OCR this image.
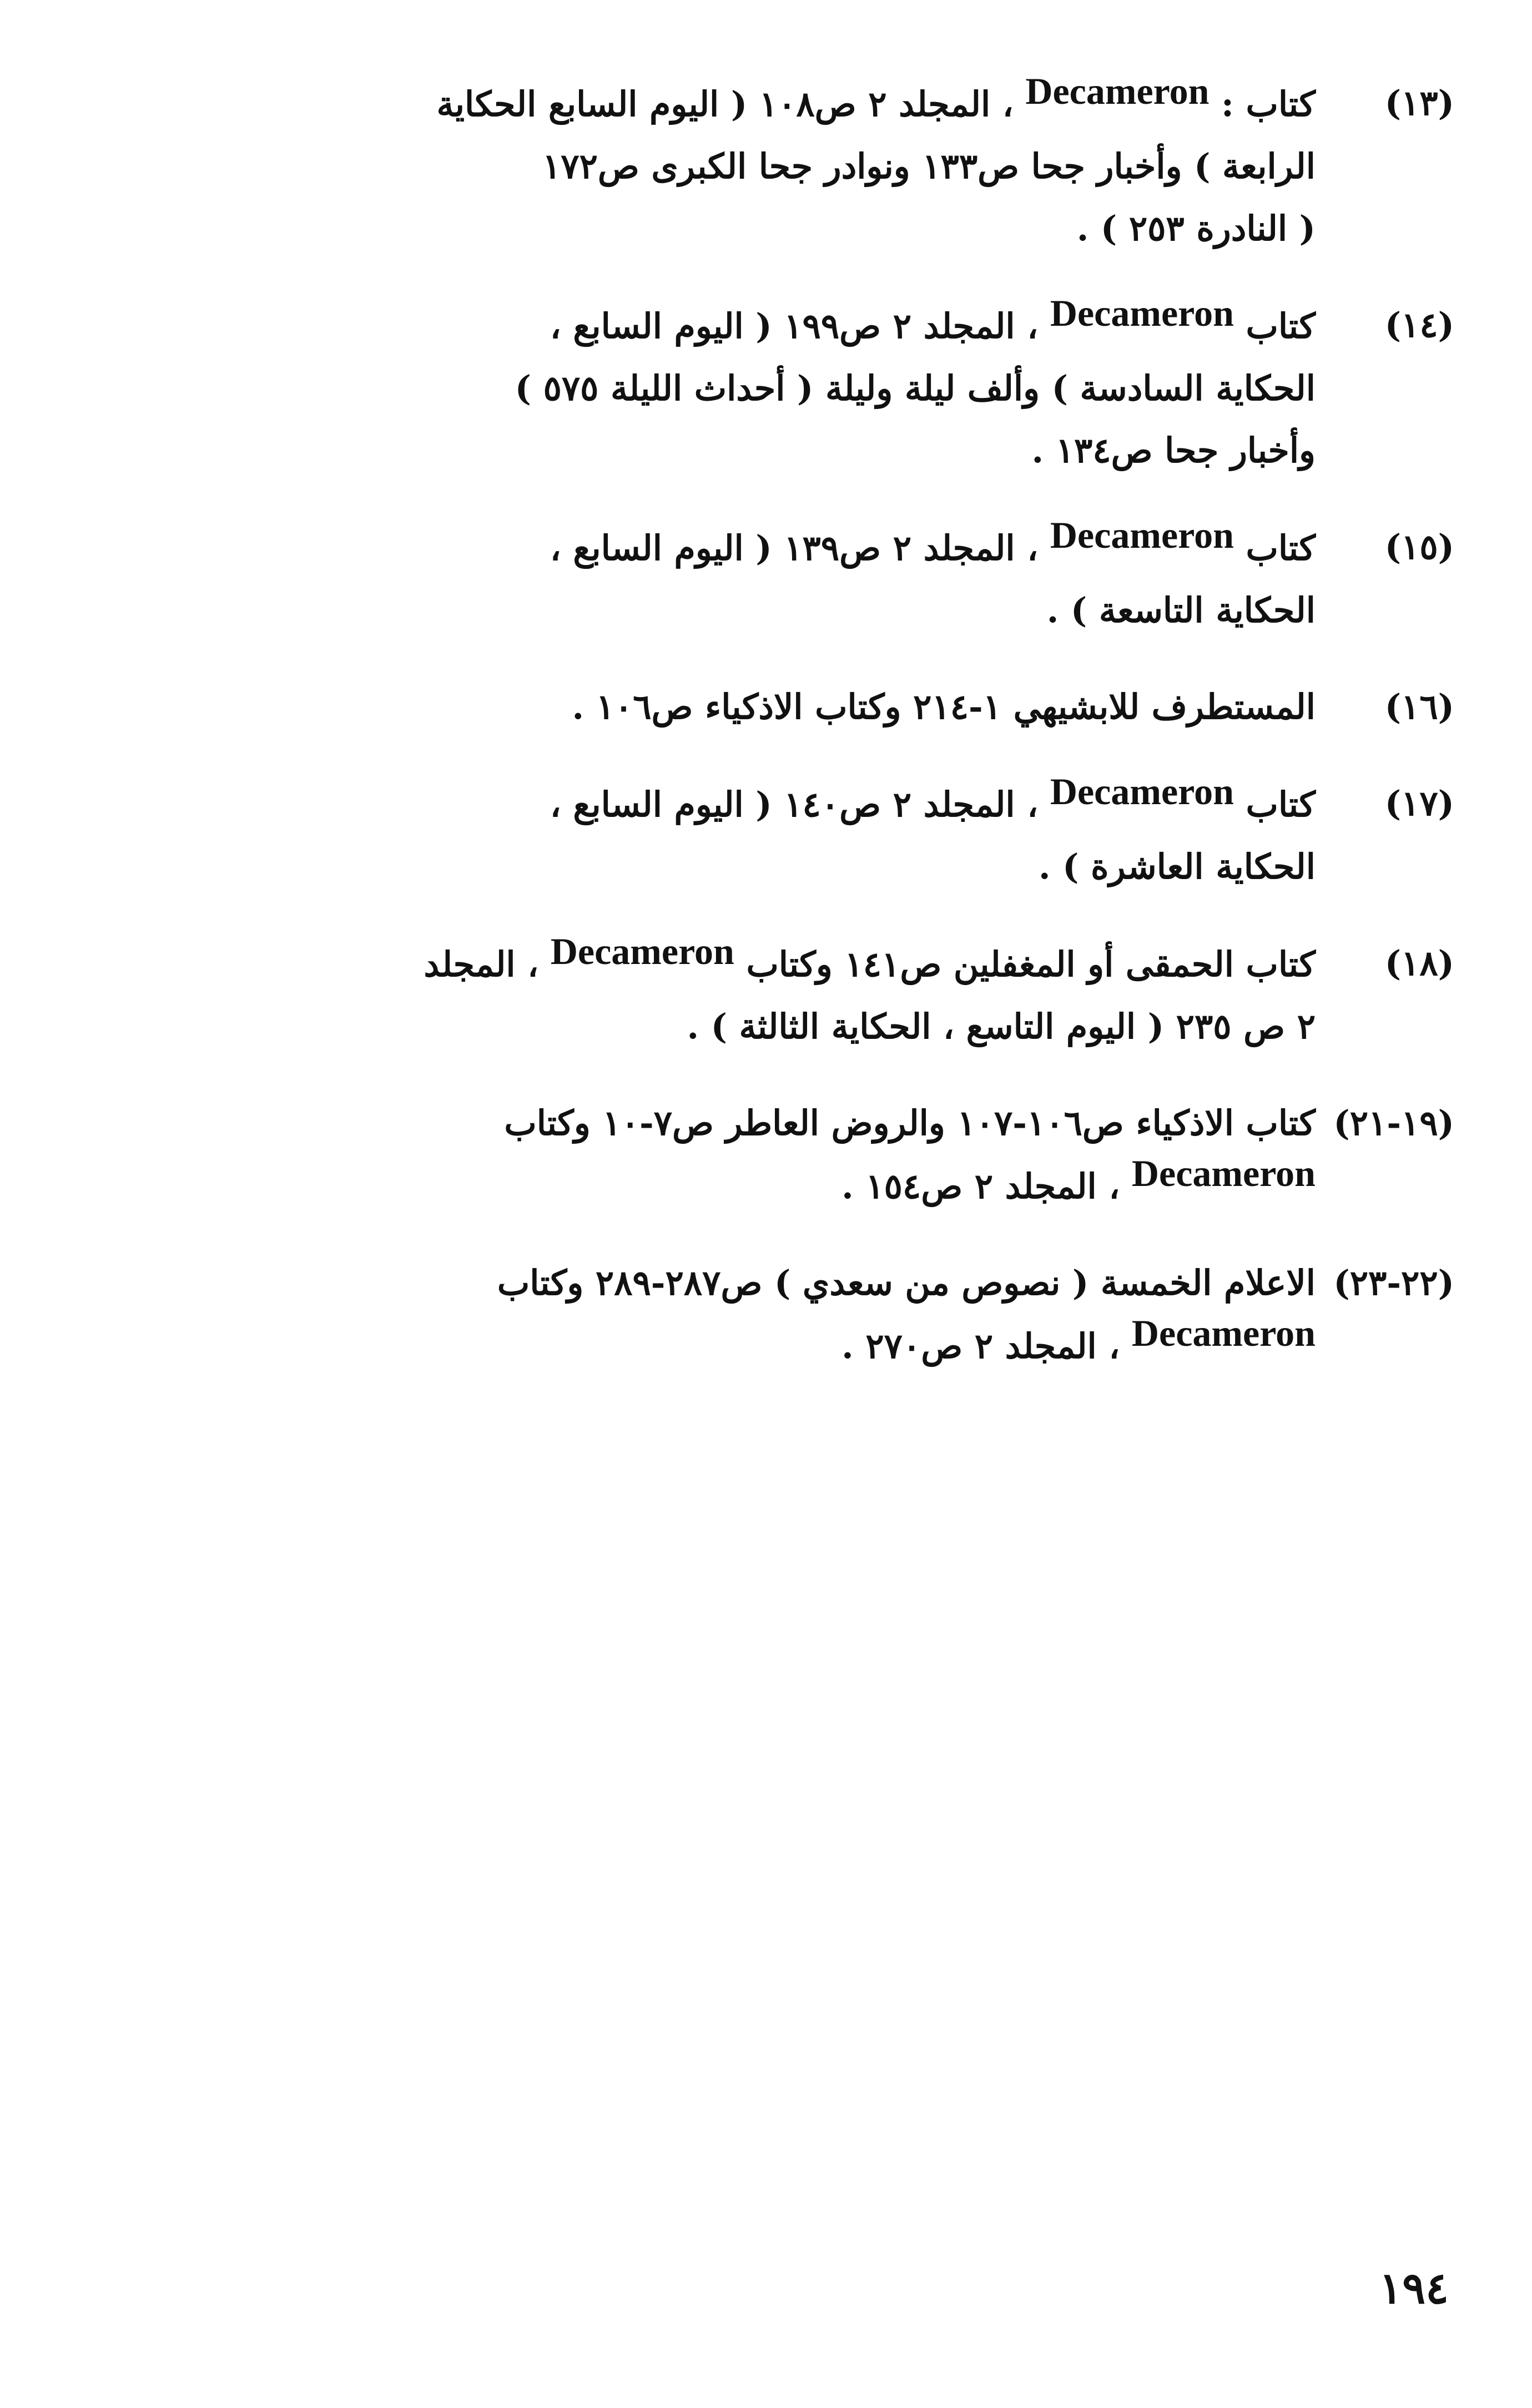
(١٣)
كتاب : Decameron ، المجلد ٢ ص١٠٨ ( اليوم السابع الحكاية
الرابعة ) وأخبار جحا ص١٣٣ ونوادر جحا الكبرى ص١٧٢
( النادرة ٢٥٣ ) .
(١٤)
كتاب Decameron ، المجلد ٢ ص١٩٩ ( اليوم السابع ،
الحكاية السادسة ) وألف ليلة وليلة ( أحداث الليلة ٥٧٥ )
وأخبار جحا ص١٣٤ .
(١٥)
كتاب Decameron ، المجلد ٢ ص١٣٩ ( اليوم السابع ،
الحكاية التاسعة ) .
(١٦)
المستطرف للابشيهي ١-٢١٤ وكتاب الاذكياء ص١٠٦ .
(١٧)
كتاب Decameron ، المجلد ٢ ص١٤٠ ( اليوم السابع ،
الحكاية العاشرة ) .
(١٨)
كتاب الحمقى أو المغفلين ص١٤١ وكتاب Decameron ، المجلد
٢ ص ٢٣٥ ( اليوم التاسع ، الحكاية الثالثة ) .
(١٩-٢١)
كتاب الاذكياء ص١٠٦-١٠٧ والروض العاطر ص٧-١٠ وكتاب
Decameron ، المجلد ٢ ص١٥٤ .
(٢٢-٢٣)
الاعلام الخمسة ( نصوص من سعدي ) ص٢٨٧-٢٨٩ وكتاب
Decameron ، المجلد ٢ ص٢٧٠ .
١٩٤
